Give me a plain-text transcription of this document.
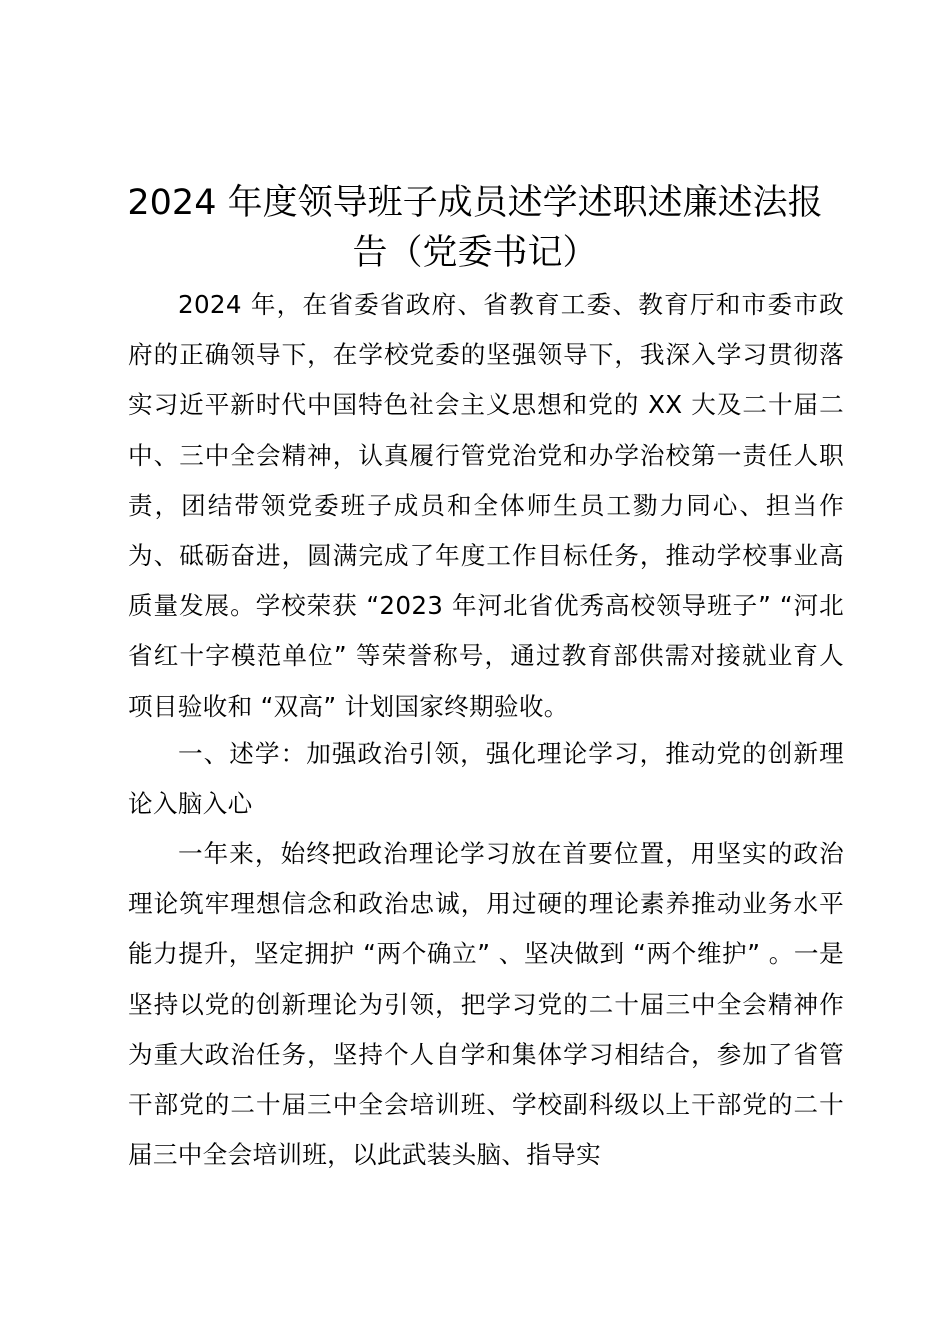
2024 年度领导班子成员述学述职述廉述法报
告（党委书记）

2024 年，在省委省政府、省教育工委、教育厅和市委市政府的正确领导下，在学校党委的坚强领导下，我深入学习贯彻落实习近平新时代中国特色社会主义思想和党的 XX 大及二十届二中、三中全会精神，认真履行管党治党和办学治校第一责任人职责，团结带领党委班子成员和全体师生员工勠力同心、担当作为、砥砺奋进，圆满完成了年度工作目标任务，推动学校事业高质量发展。学校荣获 “2023 年河北省优秀高校领导班子” “河北省红十字模范单位” 等荣誉称号，通过教育部供需对接就业育人项目验收和 “双高” 计划国家终期验收。

一、述学：加强政治引领，强化理论学习，推动党的创新理论入脑入心

一年来，始终把政治理论学习放在首要位置，用坚实的政治理论筑牢理想信念和政治忠诚，用过硬的理论素养推动业务水平能力提升，坚定拥护 “两个确立” 、坚决做到 “两个维护” 。一是坚持以党的创新理论为引领，把学习党的二十届三中全会精神作为重大政治任务，坚持个人自学和集体学习相结合，参加了省管干部党的二十届三中全会培训班、学校副科级以上干部党的二十届三中全会培训班，以此武装头脑、指导实
